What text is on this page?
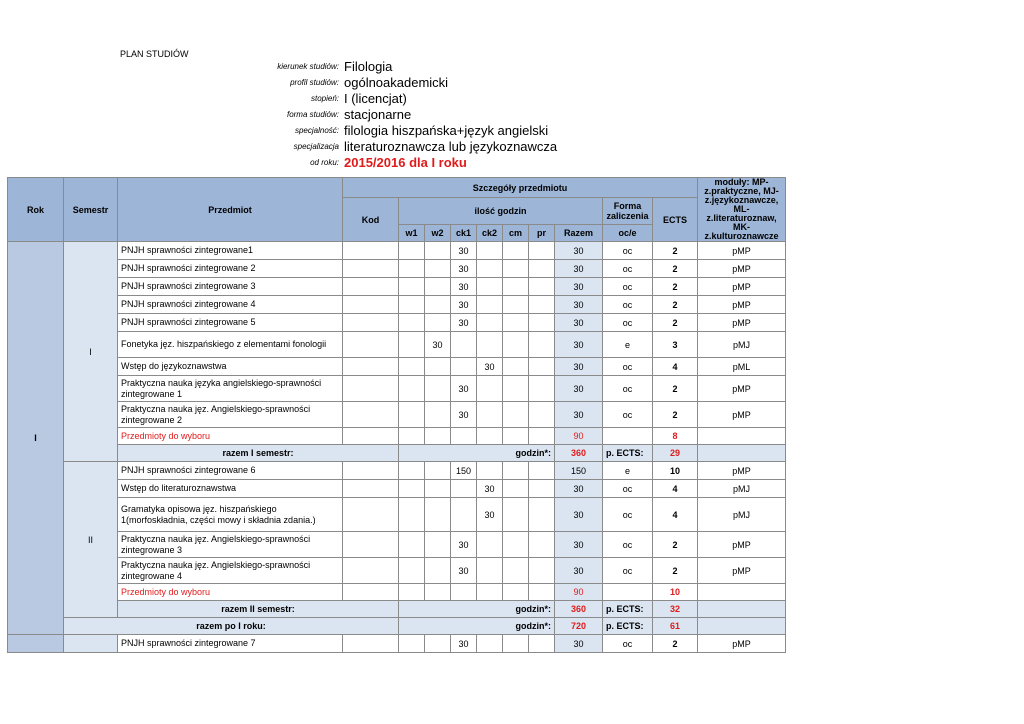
PLAN STUDIÓW
kierunek studiów: Filologia
profil studiów: ogólnoakademicki
stopień: I (licencjat)
forma studiów: stacjonarne
specjalność: filologia hiszpańska+język angielski
specjalizacja literaturoznawcza lub językoznawcza
od roku: 2015/2016 dla I roku
Rok	Semestr	Przedmiot	Szczegóły przedmiotu										moduły: MP-z.praktyczne, MJ-z.językoznawcze, ML-z.literaturoznaw, MK-z.kulturoznawcze
			Kod	ilość godzin							Forma zaliczenia	ECTS	
				w1	w2	ck1	ck2	cm	pr	Razem	oc/e		
I	I	PNJH sprawności zintegrowane1				30				30	oc	2	pMP
		PNJH sprawności zintegrowane 2				30				30	oc	2	pMP
		PNJH sprawności zintegrowane 3				30				30	oc	2	pMP
		PNJH sprawności zintegrowane 4				30				30	oc	2	pMP
		PNJH sprawności zintegrowane 5				30				30	oc	2	pMP
		Fonetyka jęz. hiszpańskiego z elementami fonologii			30					30	e	3	pMJ
		Wstęp do językoznawstwa					30			30	oc	4	pML
		Praktyczna nauka języka angielskiego-sprawności zintegrowane 1				30				30	oc	2	pMP
		Praktyczna nauka jęz. Angielskiego-sprawności zintegrowane 2				30				30	oc	2	pMP
		Przedmioty do wyboru								90		8	
		razem I semestr:		godzin*:						360	p. ECTS:	29	
	II	PNJH sprawności zintegrowane 6				150				150	e	10	pMP
		Wstęp do literaturoznawstwa					30			30	oc	4	pMJ
		Gramatyka opisowa jęz. hiszpańskiego 1(morfoskładnia, części mowy i składnia zdania.)					30			30	oc	4	pMJ
		Praktyczna nauka jęz. Angielskiego-sprawności zintegrowane 3				30				30	oc	2	pMP
		Praktyczna nauka jęz. Angielskiego-sprawności zintegrowane 4				30				30	oc	2	pMP
		Przedmioty do wyboru								90		10	
		razem II semestr:		godzin*:						360	p. ECTS:	32	
	razem po I roku:			godzin*:						720	p. ECTS:	61	
		PNJH sprawności zintegrowane 7				30				30	oc	2	pMP
